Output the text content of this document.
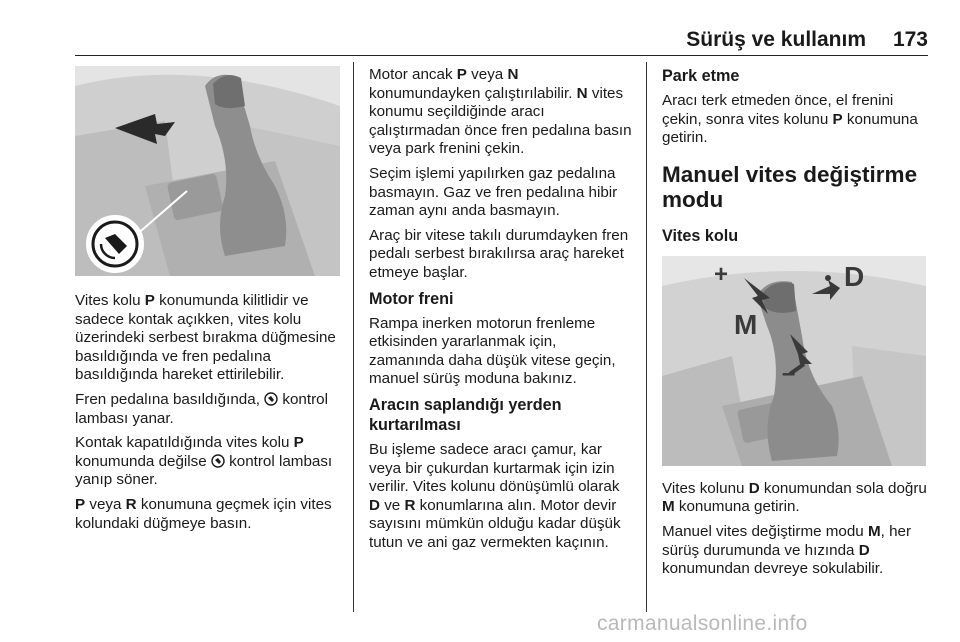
Sürüş ve kullanım 173

Vites kolu P konumunda kilitlidir ve sadece kontak açıkken, vites kolu üzerindeki serbest bırakma düğmesine basıldığında ve fren pedalına basıldığında hareket ettirilebilir.

Fren pedalına basıldığında,  kontrol lambası yanar.

Kontak kapatıldığında vites kolu P konumunda değilse  kontrol lambası yanıp söner.

P veya R konumuna geçmek için vites kolundaki düğmeye basın.

Motor ancak P veya N konumundayken çalıştırılabilir. N vites konumu seçildiğinde aracı çalıştırmadan önce fren pedalına basın veya park frenini çekin.

Seçim işlemi yapılırken gaz pedalına basmayın. Gaz ve fren pedalına hibir zaman aynı anda basmayın.

Araç bir vitese takılı durumdayken fren pedalı serbest bırakılırsa araç hareket etmeye başlar.

Motor freni

Rampa inerken motorun frenleme etkisinden yararlanmak için, zamanında daha düşük vitese geçin, manuel sürüş moduna bakınız.

Aracın saplandığı yerden kurtarılması

Bu işleme sadece aracı çamur, kar veya bir çukurdan kurtarmak için izin verilir. Vites kolunu dönüşümlü olarak D ve R konumlarına alın. Motor devir sayısını mümkün olduğu kadar düşük tutun ve ani gaz vermekten kaçının.

Park etme

Aracı terk etmeden önce, el frenini çekin, sonra vites kolunu P konumuna getirin.

Manuel vites değiştirme modu
Vites kolu
+
M
D
–

Vites kolunu D konumundan sola doğru M konumuna getirin.

Manuel vites değiştirme modu M, her sürüş durumunda ve hızında D konumundan devreye sokulabilir.

carmanualsonline.info
